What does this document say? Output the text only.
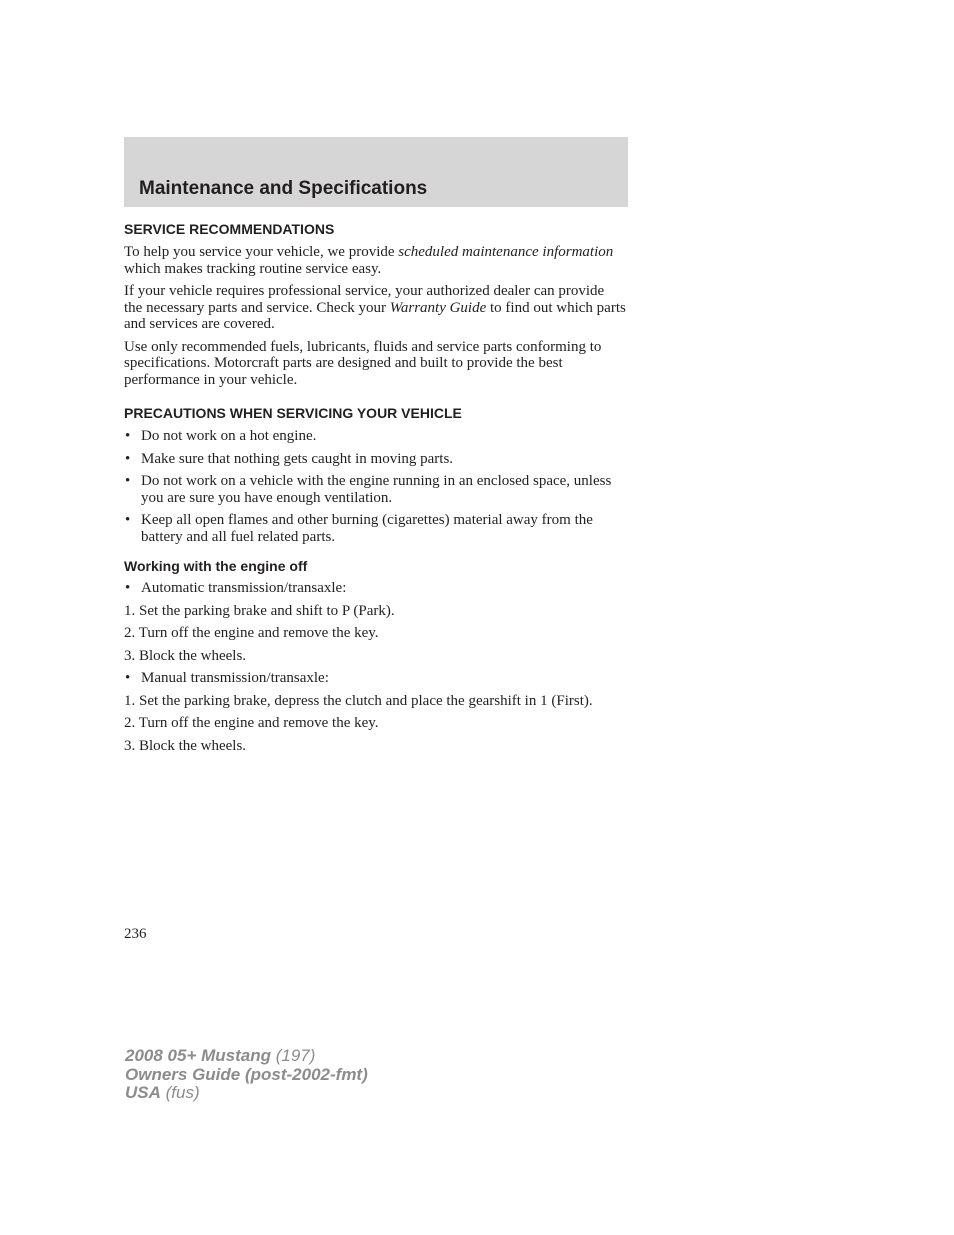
Maintenance and Specifications
SERVICE RECOMMENDATIONS

To help you service your vehicle, we provide scheduled maintenance information which makes tracking routine service easy.

If your vehicle requires professional service, your authorized dealer can provide the necessary parts and service. Check your Warranty Guide to find out which parts and services are covered.

Use only recommended fuels, lubricants, fluids and service parts conforming to specifications. Motorcraft parts are designed and built to provide the best performance in your vehicle.

PRECAUTIONS WHEN SERVICING YOUR VEHICLE
• Do not work on a hot engine.
• Make sure that nothing gets caught in moving parts.
• Do not work on a vehicle with the engine running in an enclosed space, unless you are sure you have enough ventilation.
• Keep all open flames and other burning (cigarettes) material away from the battery and all fuel related parts.
Working with the engine off
• Automatic transmission/transaxle:
1. Set the parking brake and shift to P (Park).
2. Turn off the engine and remove the key.
3. Block the wheels.
• Manual transmission/transaxle:
1. Set the parking brake, depress the clutch and place the gearshift in 1 (First).
2. Turn off the engine and remove the key.
3. Block the wheels.
236
2008 05+ Mustang (197)
Owners Guide (post-2002-fmt)
USA (fus)
